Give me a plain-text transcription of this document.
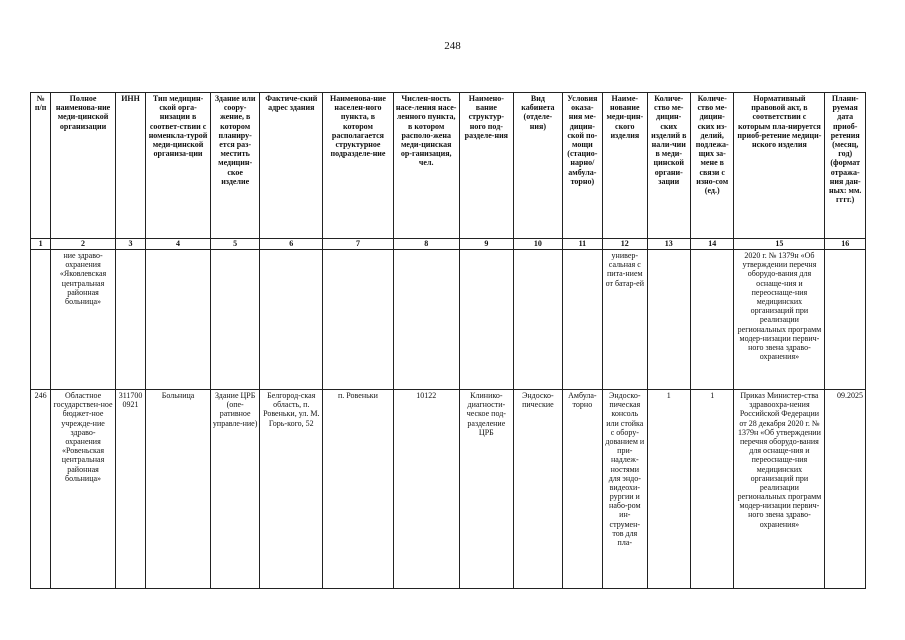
248
№ п/п	Полное наименова-ние меди-цинской организации	ИНН	Тип медицин-ской орга-низации в соответ-ствии с номенкла-турой меди-цинской организа-ции	Здание или соору-жение, в котором планиру-ется раз-местить медицин-ское изделие	Фактиче-ский адрес здания	Наименова-ние населен-ного пункта, в котором располагается структурное подразделе-ние	Числен-ность насе-ления насе-ленного пункта, в котором располо-жена меди-цинская ор-ганизация, чел.	Наимено-вание структур-ного под-разделе-ния	Вид кабинета (отделе-ния)	Условия оказа-ния ме-дицин-ской по-мощи (стацио-нарно/ амбула-торно)	Наиме-нование меди-цин-ского изделия	Количе-ство ме-дицин-ских изделий в нали-чии в меди-цинской органи-зации	Количе-ство ме-дицин-ских из-делий, подлежа-щих за-мене в связи с изно-сом (ед.)	Нормативный правовой акт, в соответствии с которым пла-нируется приоб-ретение медици-нского изделия	Плани-руемая дата приоб-ретения (месяц, год) (формат отража-ния дан-ных: мм. гггг.)
1	2	3	4	5	6	7	8	9	10	11	12	13	14	15	16
	ние здраво-охранения «Яковлевская центральная районная больница»										универ-сальная с пита-нием от батар-ей			2020 г. № 1379н «Об утверждении перечня оборудо-вания для оснаще-ния и переоснаще-ния медицинских организаций при реализации региональных программ модер-низации первич-ного звена здраво-охранения»	
246	Областное государствен-ное бюджет-ное учрежде-ние здраво-охранения «Ровеньская центральная районная больница»	311700 0921	Больница	Здание ЦРБ (опе-ративное управле-ние)	Белгород-ская область, п. Ровеньки, ул. М. Горь-кого, 52	п. Ровеньки	10122	Клинико-диагности-ческое под-разделение ЦРБ	Эндоско-пические	Амбула-торно	Эндоско-пическая консоль или стойка с обору-дованием и при-надлеж-ностями для эндо-видеохи-рургии и набо-ром ин-струмен-тов для пла-	1	1	Приказ Министер-ства здравоохра-нения Российской Федерации от 28 декабря 2020 г. № 1379н «Об утверждении перечня оборудо-вания для оснаще-ния и переоснаще-ния медицинских организаций при реализации региональных программ модер-низации первич-ного звена здраво-охранения»	09.2025
